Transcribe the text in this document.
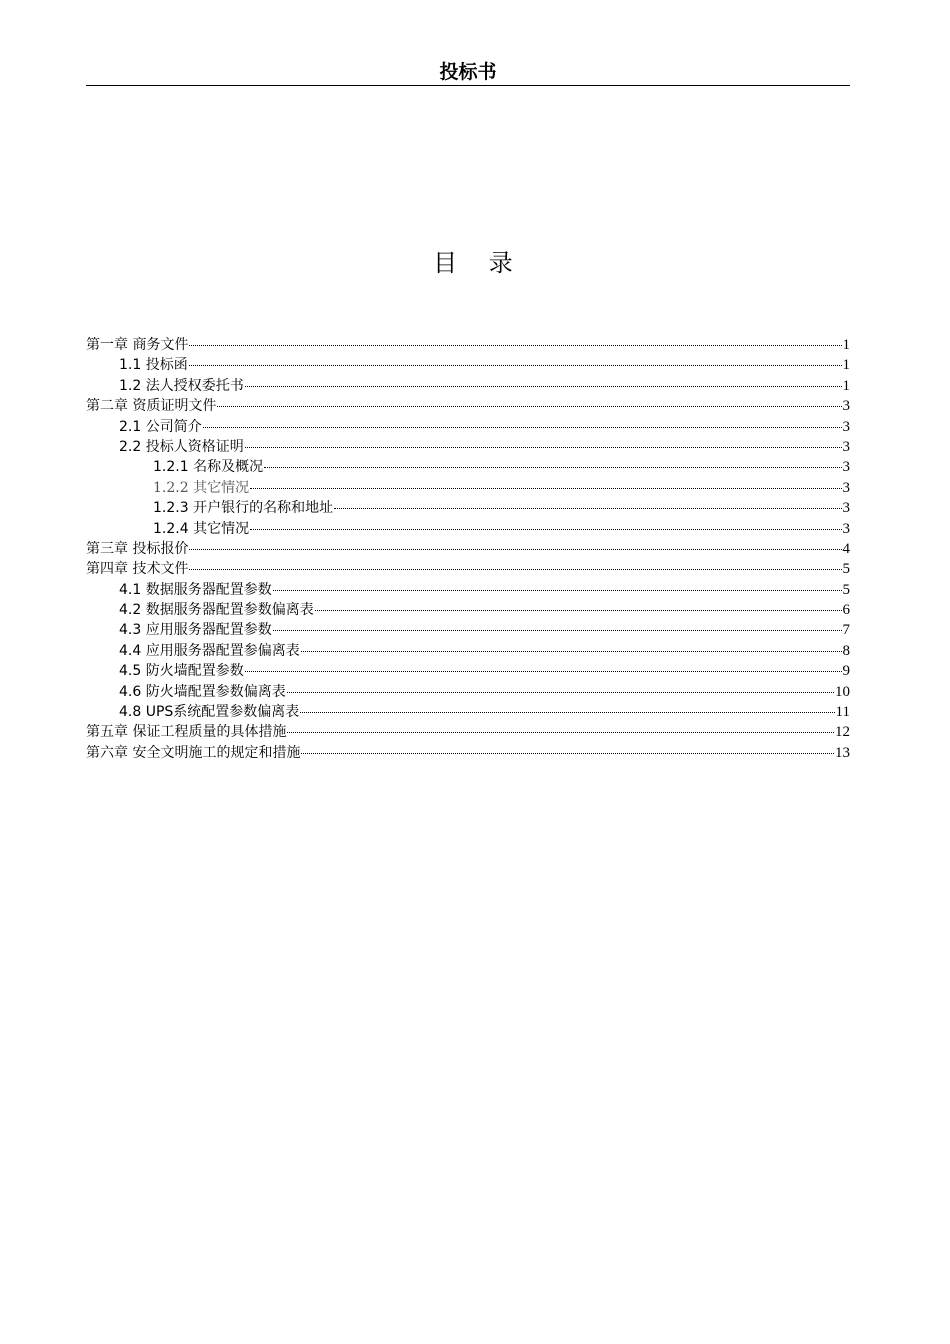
投标书
目 录
第一章 商务文件	1
1.1 投标函	1
1.2 法人授权委托书	1
第二章 资质证明文件	3
2.1 公司简介	3
2.2 投标人资格证明	3
1.2.1 名称及概况	3
1.2.2 其它情况	3
1.2.3 开户银行的名称和地址	3
1.2.4 其它情况	3
第三章 投标报价	4
第四章 技术文件	5
4.1 数据服务器配置参数	5
4.2 数据服务器配置参数偏离表	6
4.3 应用服务器配置参数	7
4.4 应用服务器配置参偏离表	8
4.5 防火墙配置参数	9
4.6 防火墙配置参数偏离表	10
4.8 UPS系统配置参数偏离表	11
第五章 保证工程质量的具体措施	12
第六章 安全文明施工的规定和措施	13
